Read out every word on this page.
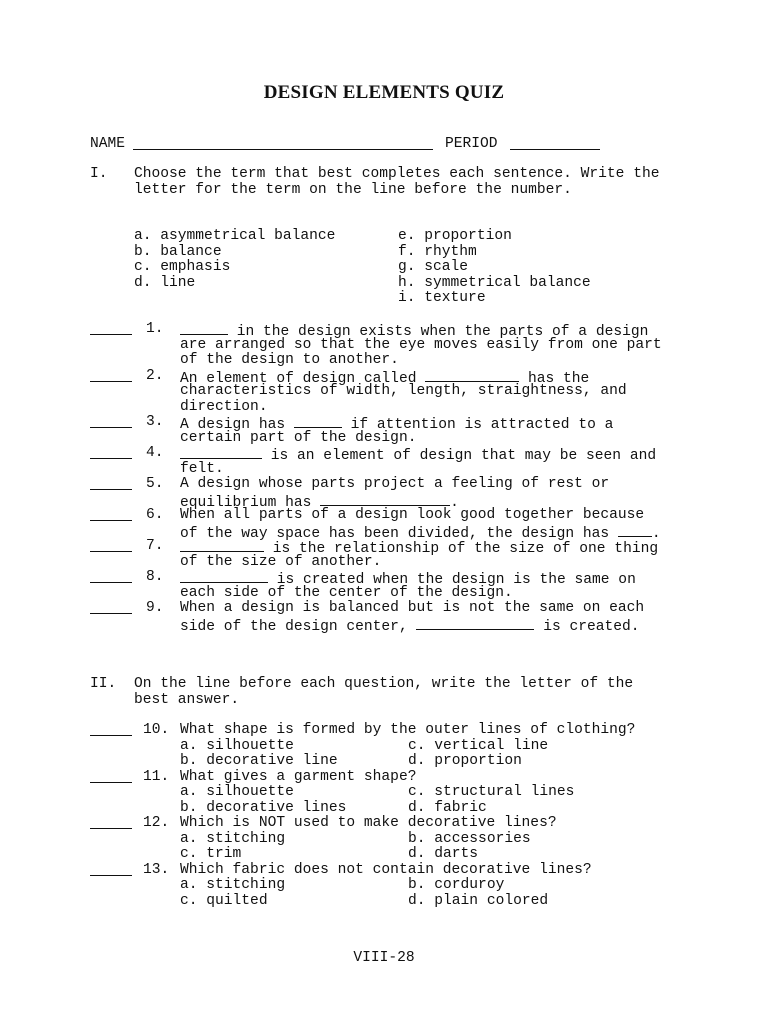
DESIGN ELEMENTS QUIZ
NAME	PERIOD
I. Choose the term that best completes each sentence. Write the
letter for the term on the line before the number.
a. asymmetrical balance
b. balance
c. emphasis
d. line
e. proportion
f. rhythm
g. scale
h. symmetrical balance
i. texture
1.	in the design exists when the parts of a design
are arranged so that the eye moves easily from one part
of the design to another.
2. An element of design called	has the
characteristics of width, length, straightness, and
direction.
3. A design has	if attention is attracted to a
certain part of the design.
4.	is an element of design that may be seen and
felt.
5. A design whose parts project a feeling of rest or
equilibrium has	.
6. When all parts of a design look good together because
of the way space has been divided, the design has .
7.	is the relationship of the size of one thing
of the size of another.
8.	is created when the design is the same on
each side of the center of the design.
9. When a design is balanced but is not the same on each
side of the design center,	is created.
II. On the line before each question, write the letter of the
best answer.
10. What shape is formed by the outer lines of clothing?
a. silhouette	c. vertical line
b. decorative line	d. proportion
11. What gives a garment shape?
a. silhouette	c. structural lines
b. decorative lines	d. fabric
12. Which is NOT used to make decorative lines?
a. stitching	b. accessories
c. trim	d. darts
13. Which fabric does not contain decorative lines?
a. stitching	b. corduroy
c. quilted	d. plain colored
VIII-28
